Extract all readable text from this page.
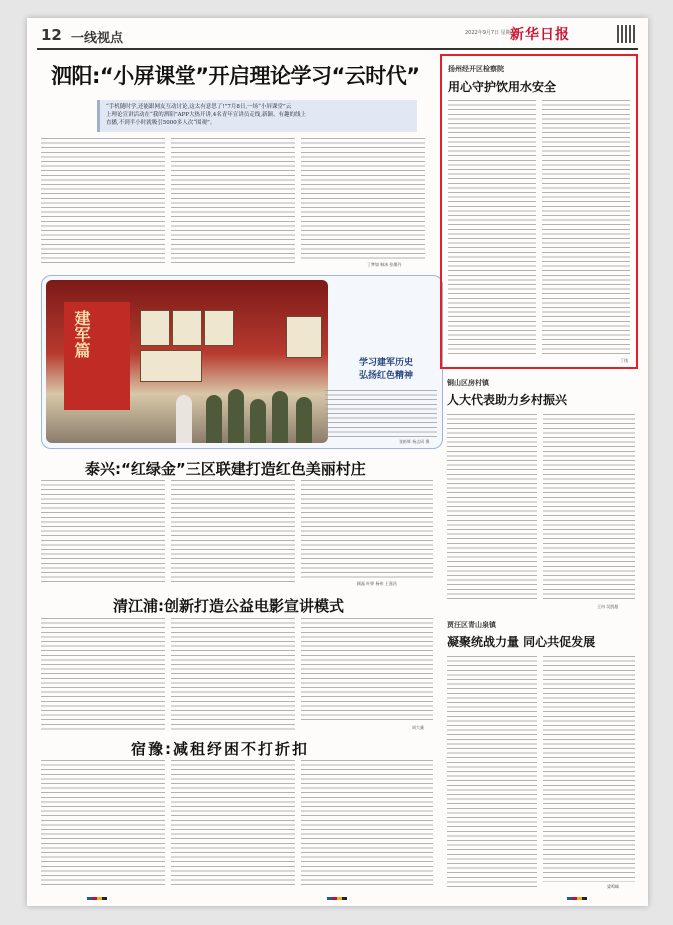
12 一线视点	2022年9月7日 星期三
新华日报
泗阳:“小屏课堂”开启理论学习“云时代”
“手机随时学,还能跟网友互动讨论,这太有意思了!”7月8日,一场“小屏课堂”云
上理论宣讲活动在“我的泗阳”APP大热开讲,4名青年宣讲员走线,新颖、有趣的线上
直播,不到半小时就吸引5000多人次“围观”。
丁梦如 韩冰 张娜丹
建军篇
学习建军历史
弘扬红色精神
张彬辉 杨志同 摄
泰兴:“红绿金”三区联建打造红色美丽村庄
顾磊 叶婷 杨伟 王嘉昌
清江浦:创新打造公益电影宣讲模式
周大量
宿豫:减租纾困不打折扣
扬州经开区检察院
用心守护饮用水安全
丁钱
铜山区房村镇
人大代表助力乡村振兴
王冉 吴凯超
贾汪区青山泉镇
凝聚统战力量 同心共促发展
梁鸣峰
